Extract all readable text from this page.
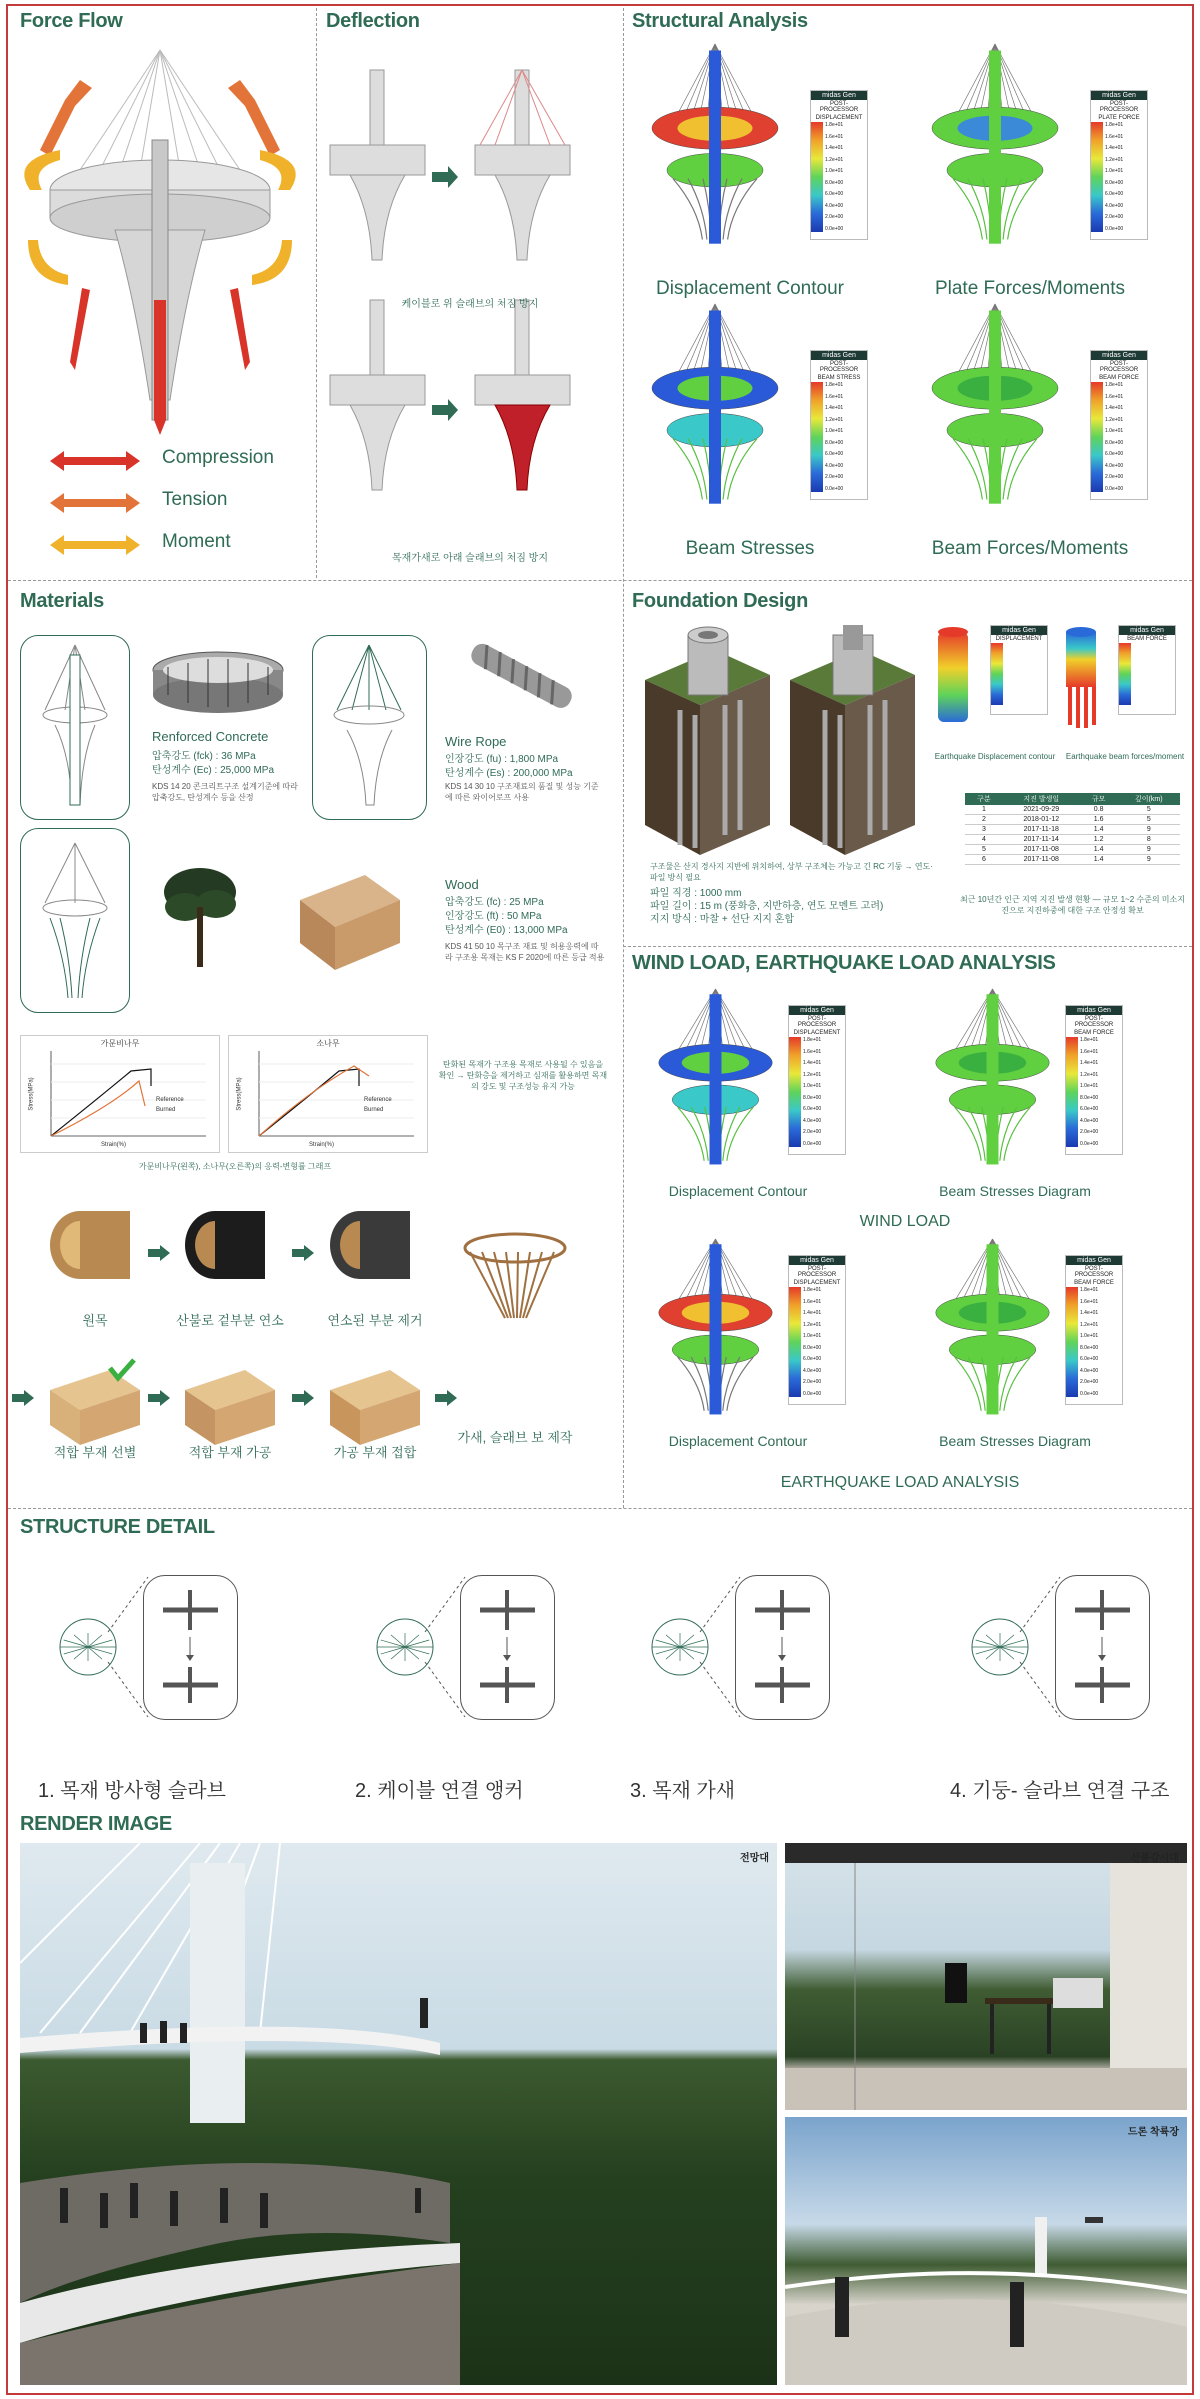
Force Flow
Compression
Tension
Moment
Deflection
케이블로 위 슬래브의 처짐 방지
목재가새로 아래 슬래브의 처짐 방지
Structural Analysis
midas Gen
POST-PROCESSOR
DISPLACEMENT
1.8e+01
1.6e+01
1.4e+01
1.2e+01
1.0e+01
8.0e+00
6.0e+00
4.0e+00
2.0e+00
0.0e+00
Displacement Contour
midas Gen
POST-PROCESSOR
PLATE FORCE
1.8e+01
1.6e+01
1.4e+01
1.2e+01
1.0e+01
8.0e+00
6.0e+00
4.0e+00
2.0e+00
0.0e+00
Plate Forces/Moments
midas Gen
POST-PROCESSOR
BEAM STRESS
1.8e+01
1.6e+01
1.4e+01
1.2e+01
1.0e+01
8.0e+00
6.0e+00
4.0e+00
2.0e+00
0.0e+00
Beam Stresses
midas Gen
POST-PROCESSOR
BEAM FORCE
1.8e+01
1.6e+01
1.4e+01
1.2e+01
1.0e+01
8.0e+00
6.0e+00
4.0e+00
2.0e+00
0.0e+00
Beam Forces/Moments
Materials
Renforced Concrete
압축강도 (fck) : 36 MPa
탄성계수 (Ec) : 25,000 MPa
KDS 14 20 콘크리트구조 설계기준에 따라 압축강도, 탄성계수 등을 산정
Wire Rope
인장강도 (fu) : 1,800 MPa
탄성계수 (Es) : 200,000 MPa
KDS 14 30 10 구조재료의 품질 및 성능 기준에 따른 와이어로프 사용
Wood
압축강도 (fc) : 25 MPa
인장강도 (ft) : 50 MPa
탄성계수 (E0) : 13,000 MPa
KDS 41 50 10 목구조 재료 및 허용응력에 따라 구조용 목재는 KS F 2020에 따른 등급 적용
가문비나무
Reference
Burned
Strain(%)
Stress(MPa)
소나무
Reference
Burned
Strain(%)
Stress(MPa)
가문비나무(왼쪽), 소나무(오른쪽)의 응력-변형률 그래프
탄화된 목재가 구조용 목재로 사용될 수 있음을 확인 → 탄화층을 제거하고 심재를 활용하면 목재의 강도 및 구조성능 유지 가능
원목	산불로 겉부분 연소	연소된 부분 제거
적합 부재 선별	적합 부재 가공	가공 부재 접합
가새, 슬래브 보 제작
Foundation Design
midas Gen
DISPLACEMENT
midas Gen
BEAM FORCE
Earthquake Displacement contour	Earthquake beam forces/moment
구분	지진 발생일	규모	깊이(km)
1	2021-09-29	0.8	5
2	2018-01-12	1.6	5
3	2017-11-18	1.4	9
4	2017-11-14	1.2	8
5	2017-11-08	1.4	9
6	2017-11-08	1.4	9
최근 10년간 인근 지역 지진 발생 현황 — 규모 1~2 수준의 미소지진으로 지진하중에 대한 구조 안정성 확보
구조물은 산지 경사지 지반에 위치하여, 상부 구조체는 가능고 긴 RC 기둥 → 연도·파일 방식 필요
파일 직경 : 1000 mm
파일 길이 : 15 m (풍화층, 지반하층, 연도 모멘트 고려)
지지 방식 : 마찰 + 선단 지지 혼합
WIND LOAD, EARTHQUAKE LOAD ANALYSIS
midas Gen
POST-PROCESSOR
DISPLACEMENT
1.8e+01
1.6e+01
1.4e+01
1.2e+01
1.0e+01
8.0e+00
6.0e+00
4.0e+00
2.0e+00
0.0e+00
Displacement Contour
midas Gen
POST-PROCESSOR
BEAM FORCE
1.8e+01
1.6e+01
1.4e+01
1.2e+01
1.0e+01
8.0e+00
6.0e+00
4.0e+00
2.0e+00
0.0e+00
Beam Stresses Diagram
midas Gen
POST-PROCESSOR
DISPLACEMENT
1.8e+01
1.6e+01
1.4e+01
1.2e+01
1.0e+01
8.0e+00
6.0e+00
4.0e+00
2.0e+00
0.0e+00
Displacement Contour
midas Gen
POST-PROCESSOR
BEAM FORCE
1.8e+01
1.6e+01
1.4e+01
1.2e+01
1.0e+01
8.0e+00
6.0e+00
4.0e+00
2.0e+00
0.0e+00
Beam Stresses Diagram
WIND LOAD
EARTHQUAKE LOAD ANALYSIS
STRUCTURE DETAIL
1. 목재 방사형 슬라브	2. 케이블 연결 앵커	3. 목재 가새	4. 기둥- 슬라브 연결 구조
RENDER IMAGE
전망대	산불감시대
드론 착륙장
